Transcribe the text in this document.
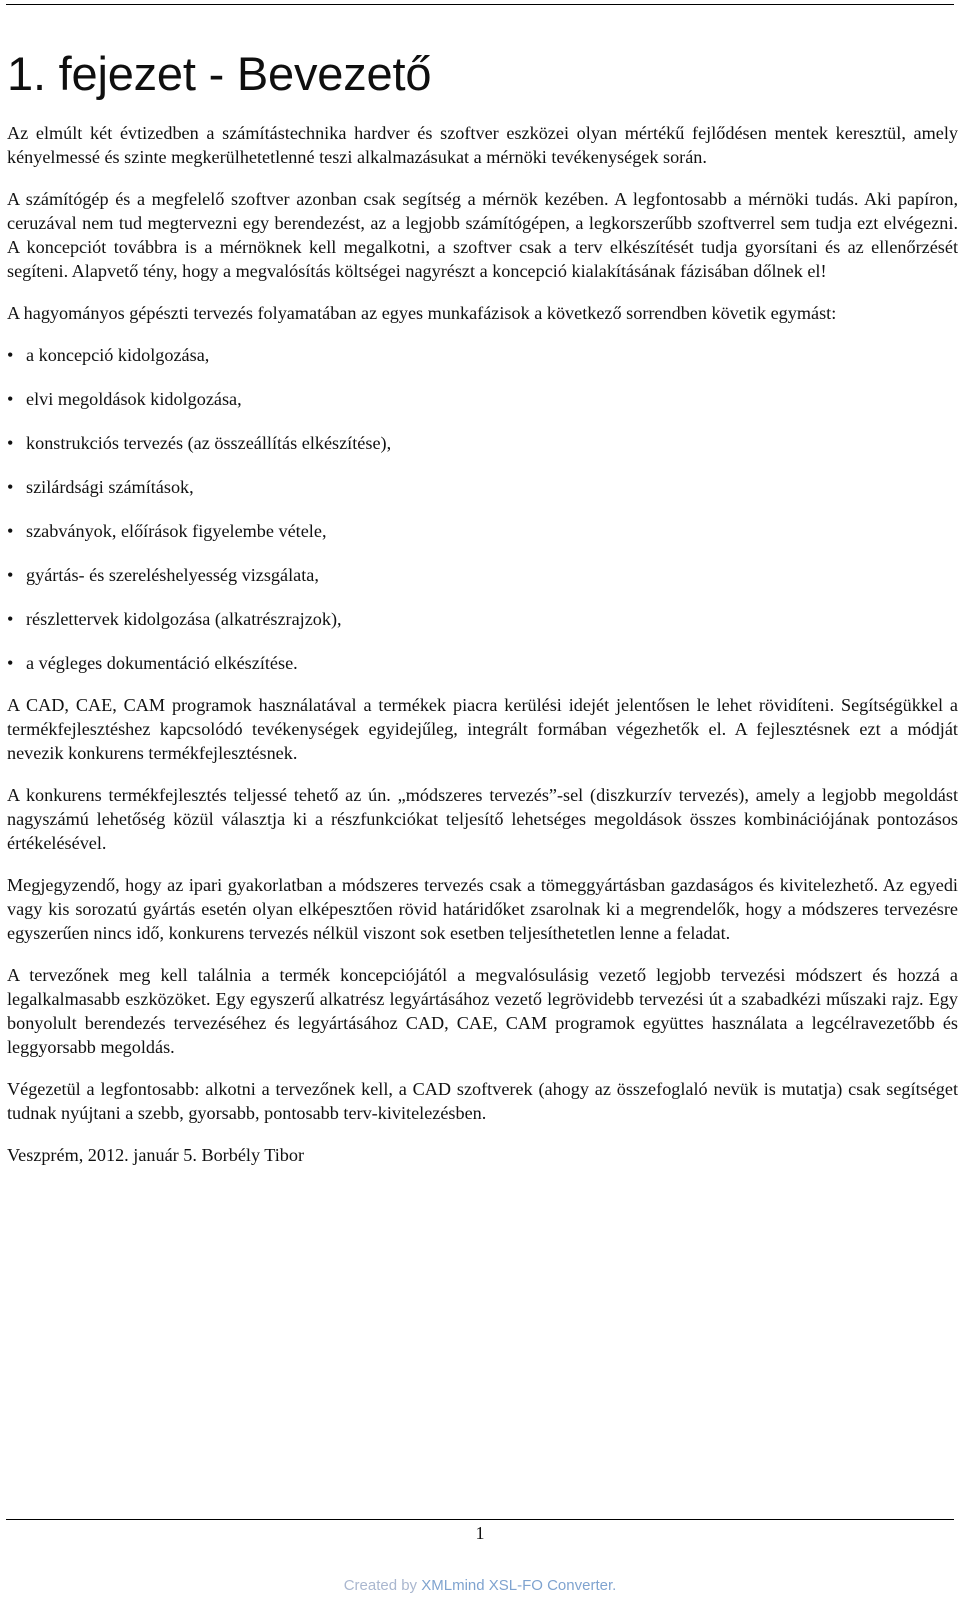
1. fejezet - Bevezető

Az elmúlt két évtizedben a számítástechnika hardver és szoftver eszközei olyan mértékű fejlődésen mentek keresztül, amely kényelmessé és szinte megkerülhetetlenné teszi alkalmazásukat a mérnöki tevékenységek során.

A számítógép és a megfelelő szoftver azonban csak segítség a mérnök kezében. A legfontosabb a mérnöki tudás. Aki papíron, ceruzával nem tud megtervezni egy berendezést, az a legjobb számítógépen, a legkorszerűbb szoftverrel sem tudja ezt elvégezni. A koncepciót továbbra is a mérnöknek kell megalkotni, a szoftver csak a terv elkészítését tudja gyorsítani és az ellenőrzését segíteni. Alapvető tény, hogy a megvalósítás költségei nagyrészt a koncepció kialakításának fázisában dőlnek el!

A hagyományos gépészti tervezés folyamatában az egyes munkafázisok a következő sorrendben követik egymást:

• a koncepció kidolgozása,
• elvi megoldások kidolgozása,
• konstrukciós tervezés (az összeállítás elkészítése),
• szilárdsági számítások,
• szabványok, előírások figyelembe vétele,
• gyártás- és szereléshelyesség vizsgálata,
• részlettervek kidolgozása (alkatrészrajzok),
• a végleges dokumentáció elkészítése.

A CAD, CAE, CAM programok használatával a termékek piacra kerülési idejét jelentősen le lehet rövidíteni. Segítségükkel a termékfejlesztéshez kapcsolódó tevékenységek egyidejűleg, integrált formában végezhetők el. A fejlesztésnek ezt a módját nevezik konkurens termékfejlesztésnek.

A konkurens termékfejlesztés teljessé tehető az ún. „módszeres tervezés”-sel (diszkurzív tervezés), amely a legjobb megoldást nagyszámú lehetőség közül választja ki a részfunkciókat teljesítő lehetséges megoldások összes kombinációjának pontozásos értékelésével.

Megjegyzendő, hogy az ipari gyakorlatban a módszeres tervezés csak a tömeggyártásban gazdaságos és kivitelezhető. Az egyedi vagy kis sorozatú gyártás esetén olyan elképesztően rövid határidőket zsarolnak ki a megrendelők, hogy a módszeres tervezésre egyszerűen nincs idő, konkurens tervezés nélkül viszont sok esetben teljesíthetetlen lenne a feladat.

A tervezőnek meg kell találnia a termék koncepciójától a megvalósulásig vezető legjobb tervezési módszert és hozzá a legalkalmasabb eszközöket. Egy egyszerű alkatrész legyártásához vezető legrövidebb tervezési út a szabadkézi műszaki rajz. Egy bonyolult berendezés tervezéséhez és legyártásához CAD, CAE, CAM programok együttes használata a legcélravezetőbb és leggyorsabb megoldás.

Végezetül a legfontosabb: alkotni a tervezőnek kell, a CAD szoftverek (ahogy az összefoglaló nevük is mutatja) csak segítséget tudnak nyújtani a szebb, gyorsabb, pontosabb terv-kivitelezésben.

Veszprém, 2012. január 5. Borbély Tibor

1
Created by XMLmind XSL-FO Converter.
